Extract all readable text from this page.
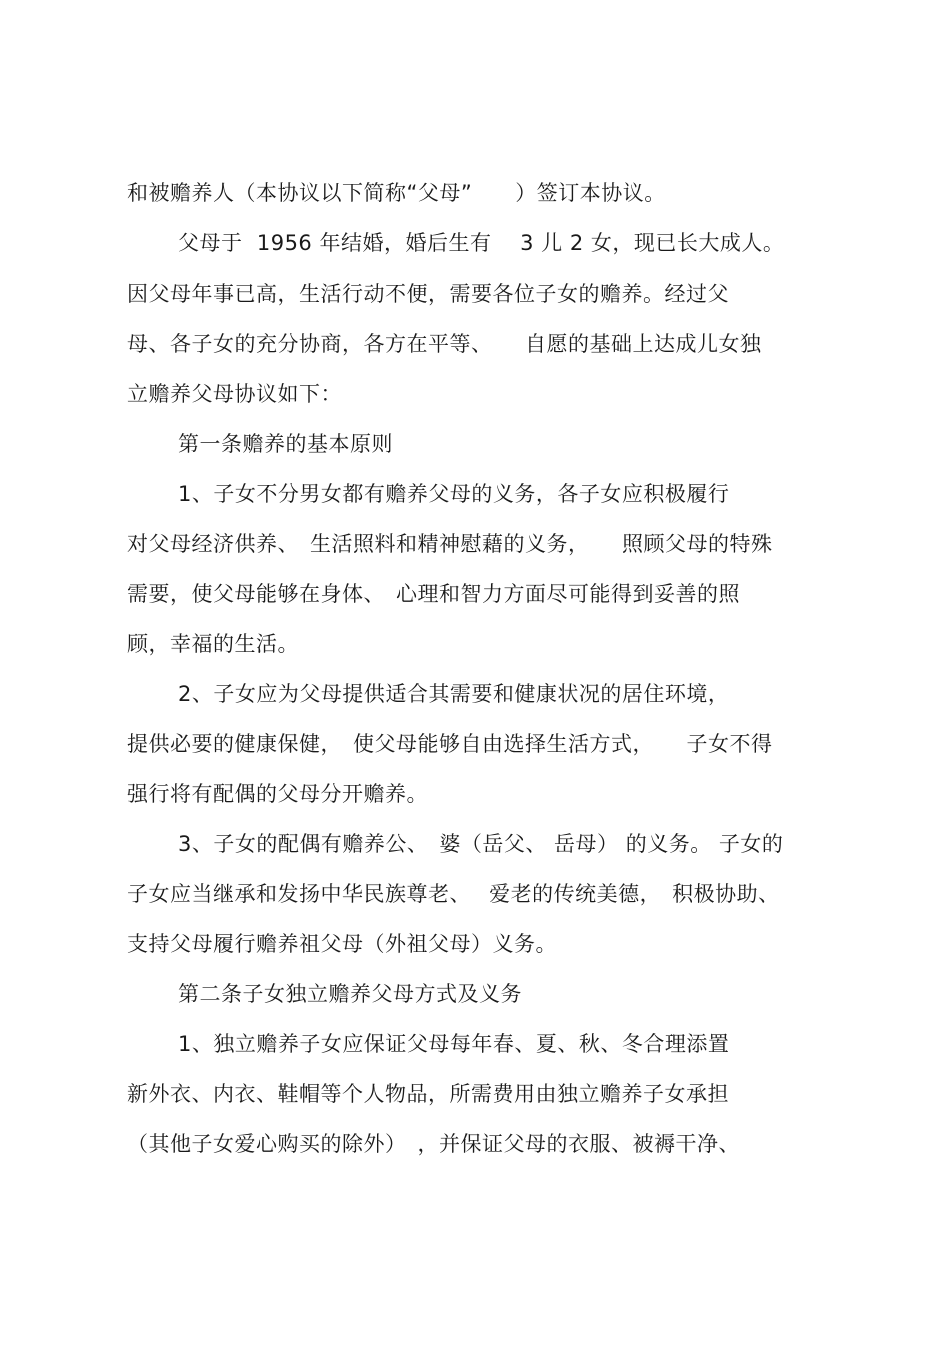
和被赡养人（本协议以下简称“父母”　　）签订本协议。
父母于  1956 年结婚，婚后生有　 3 儿 2 女，现已长大成人。
因父母年事已高，生活行动不便，需要各位子女的赡养。经过父
母、各子女的充分协商，各方在平等、　　自愿的基础上达成儿女独
立赡养父母协议如下：
第一条赡养的基本原则
1、子女不分男女都有赡养父母的义务，各子女应积极履行
对父母经济供养、　生活照料和精神慰藉的义务，　　照顾父母的特殊
需要，使父母能够在身体、　心理和智力方面尽可能得到妥善的照
顾，幸福的生活。
2、子女应为父母提供适合其需要和健康状况的居住环境，
提供必要的健康保健，　使父母能够自由选择生活方式，　　子女不得
强行将有配偶的父母分开赡养。
3、子女的配偶有赡养公、　婆（岳父、 岳母） 的义务。 子女的
子女应当继承和发扬中华民族尊老、　 爱老的传统美德，　积极协助、
支持父母履行赡养祖父母（外祖父母）义务。
第二条子女独立赡养父母方式及义务
1、独立赡养子女应保证父母每年春、夏、秋、冬合理添置
新外衣、内衣、鞋帽等个人物品，所需费用由独立赡养子女承担
（其他子女爱心购买的除外）　，并保证父母的衣服、被褥干净、
